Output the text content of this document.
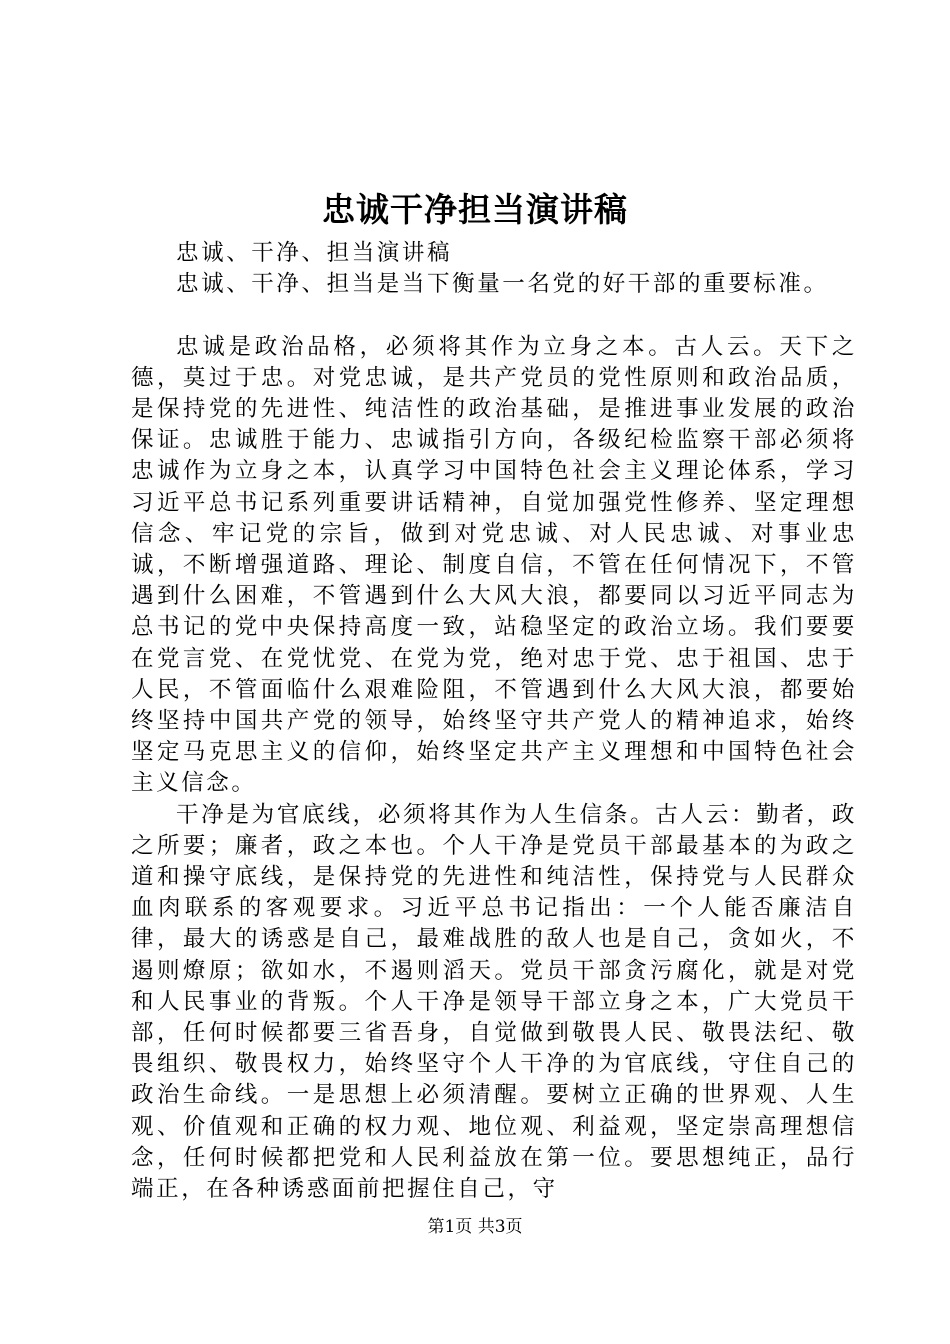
忠诚干净担当演讲稿

忠诚、干净、担当演讲稿

忠诚、干净、担当是当下衡量一名党的好干部的重要标准。

忠诚是政治品格，必须将其作为立身之本。古人云。天下之德，莫过于忠。对党忠诚，是共产党员的党性原则和政治品质，是保持党的先进性、纯洁性的政治基础，是推进事业发展的政治保证。忠诚胜于能力、忠诚指引方向，各级纪检监察干部必须将忠诚作为立身之本，认真学习中国特色社会主义理论体系，学习习近平总书记系列重要讲话精神，自觉加强党性修养、坚定理想信念、牢记党的宗旨，做到对党忠诚、对人民忠诚、对事业忠诚，不断增强道路、理论、制度自信，不管在任何情况下，不管遇到什么困难，不管遇到什么大风大浪，都要同以习近平同志为总书记的党中央保持高度一致，站稳坚定的政治立场。我们要要在党言党、在党忧党、在党为党，绝对忠于党、忠于祖国、忠于人民，不管面临什么艰难险阻，不管遇到什么大风大浪，都要始终坚持中国共产党的领导，始终坚守共产党人的精神追求，始终坚定马克思主义的信仰，始终坚定共产主义理想和中国特色社会主义信念。

干净是为官底线，必须将其作为人生信条。古人云：勤者，政之所要；廉者，政之本也。个人干净是党员干部最基本的为政之道和操守底线，是保持党的先进性和纯洁性，保持党与人民群众血肉联系的客观要求。习近平总书记指出：一个人能否廉洁自律，最大的诱惑是自己，最难战胜的敌人也是自己，贪如火，不遏则燎原；欲如水，不遏则滔天。党员干部贪污腐化，就是对党和人民事业的背叛。个人干净是领导干部立身之本，广大党员干部，任何时候都要三省吾身，自觉做到敬畏人民、敬畏法纪、敬畏组织、敬畏权力，始终坚守个人干净的为官底线，守住自己的政治生命线。一是思想上必须清醒。要树立正确的世界观、人生观、价值观和正确的权力观、地位观、利益观，坚定崇高理想信念，任何时候都把党和人民利益放在第一位。要思想纯正，品行端正，在各种诱惑面前把握住自己，守

第1页 共3页
